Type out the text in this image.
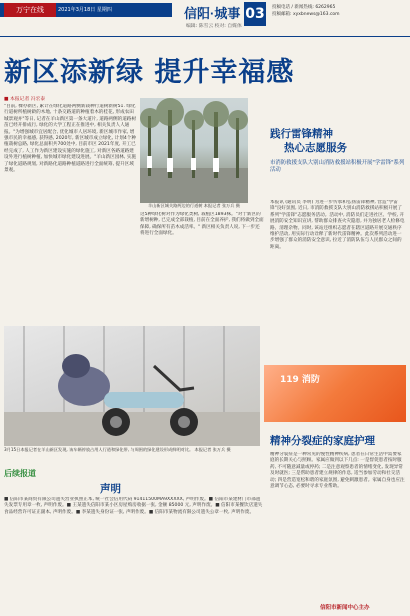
万宁在线	2021年3月18日 星期四	信阳·城事
编辑: 陈雪云 校对: 自媒体
03 投稿电话 / 新闻热线: 6262965
投稿邮箱: xyxbnews@163.com
新区添新绿 提升幸福感
■ 本报记者 冯宏泰
"目前, 棵办新区, 累计在绿化道路两侧新栽种行道树新树51. 绿化行道树所植树龄的木地, 十条交路道的种植着木的桂花, 形成农田城景观并"等日, 记者在羊山新区第一条大道片, 道路两侧的道路树苗已经开排成行, 绿化的大学工程正在推进中, 相关负责人人通报。"为增强城市宜居配合, 优化城市人居环境, 新区城市作家, 增强市民的幸福感, 获得感, 2020年, 新区城市成立绿化, 计划4个种植栽树总路, 绿化总面积共700处中, 目前市区 2021年度, 开工已经完成了, 人工作为新区建设实施的绿化施工, 对新区各路道路建设外进行植树种植, 加快城市绿化建设进展。"羊山新区园林, 实施了绿化道路规划, 对新路化道路种植道路进行全面统筹, 提升区域景观。
羊山新区城关路两边的行道树 本报记者 张万兵 摄
这5种绿化树对作为绿化类树, 栽植区1893株。"对于新区的新增树种, 已完成全部栽植, 目前在全面养护, 我们将做到全面保障, 确保所有苗木成活率。" 新区相关负责人说, 下一步还将进行全面绿化。
践行雷锋精神
热心志愿服务
市消防救援支队大别山消防救援站积极开展"学雷锋"系列活动
本报讯 (通讯员 李明) 为进一步传承和弘扬雷锋精神, 营造"学雷锋"良好氛围, 近日, 市消防救援支队大别山消防救援站积极开展了系列"学雷锋"志愿服务活动。活动中, 消防员们走进社区、学校, 开展消防安全知识宣讲, 帮助群众排查火灾隐患, 并为独居老人检修电路、清理杂物。同时, 该站还组织志愿者在辖区道路开展交通秩序维护活动, 用实际行动诠释了新时代雷锋精神。此次系列活动进一步增强了群众的消防安全意识, 拉近了消防队伍与人民群众之间的距离。
3月15日本报记者在羊山新区发现, 该车辆停放占用人行道和绿化带, 与周围的绿化建设形成鲜明对比。 本报记者 张万兵 摄
后续报道
119 消防
精神分裂症的家庭护理
精神分裂症是一种常见的慢性精神疾病, 患者在日常生活中需要家庭的长期关心与照顾。家属应做到以下几点: 一是督促患者按时服药, 不可随意减量或停药; 二是注意观察患者的情绪变化, 发现异常及时就医; 三是帮助患者建立规律的作息, 适当参加劳动和社交活动; 四是营造宽松和谐的家庭氛围, 避免刺激患者。家属自身也应注意调节心态, 必要时寻求专业帮助。
声明
■ 信阳市某商贸有限公司遗失营业执照正本, 统一社会信用代码 91411500MA9XXXXX, 声明作废。■ 信阳市某建材门市部遗失发票专用章一枚, 声明作废。■ 王某遗失信阳市某小区房屋购房收据一张, 金额 85000 元, 声明作废。■ 信阳市某餐饮店遗失食品经营许可证正副本, 声明作废。■ 李某遗失身份证一张, 声明作废。■ 信阳市某物流有限公司遗失公章一枚, 声明作废。
信阳市新闻中心主办
